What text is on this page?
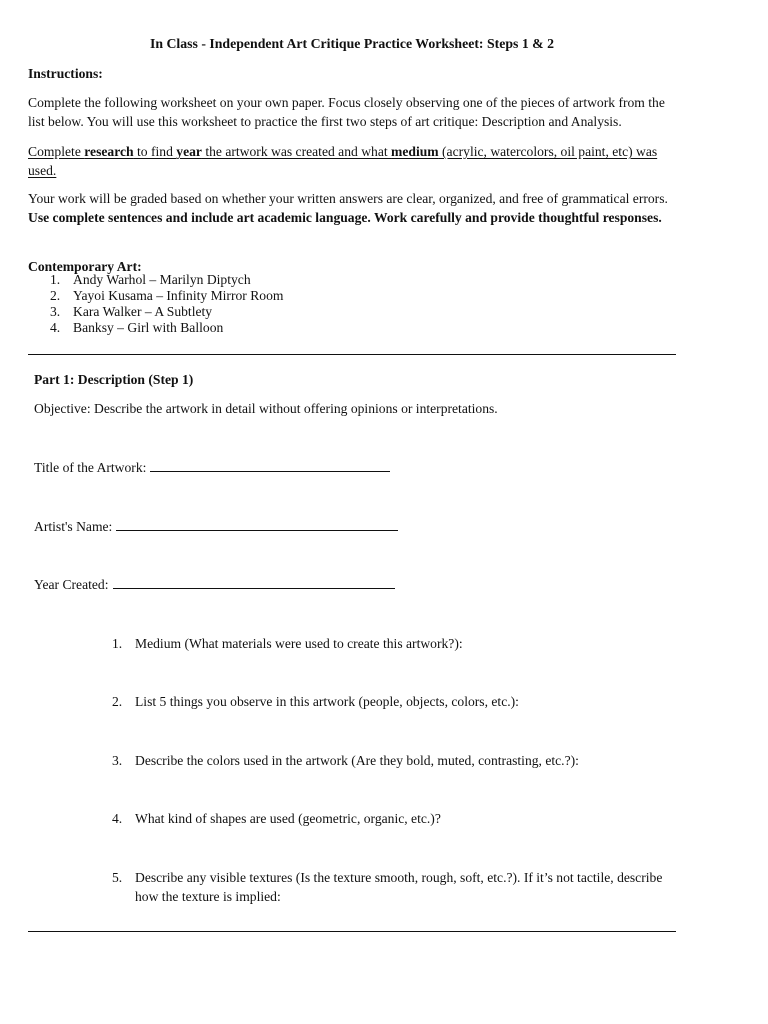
In Class - Independent Art Critique Practice Worksheet: Steps 1 & 2
Instructions:
Complete the following worksheet on your own paper. Focus closely observing one of the pieces of artwork from the list below. You will use this worksheet to practice the first two steps of art critique: Description and Analysis.
Complete research to find year the artwork was created and what medium (acrylic, watercolors, oil paint, etc) was used.
Your work will be graded based on whether your written answers are clear, organized, and free of grammatical errors. Use complete sentences and include art academic language. Work carefully and provide thoughtful responses.
Contemporary Art:
1. Andy Warhol – Marilyn Diptych
2. Yayoi Kusama – Infinity Mirror Room
3. Kara Walker – A Subtlety
4. Banksy – Girl with Balloon
Part 1: Description (Step 1)
Objective: Describe the artwork in detail without offering opinions or interpretations.
Title of the Artwork:
Artist's Name:
Year Created:
1. Medium (What materials were used to create this artwork?):
2. List 5 things you observe in this artwork (people, objects, colors, etc.):
3. Describe the colors used in the artwork (Are they bold, muted, contrasting, etc.?):
4. What kind of shapes are used (geometric, organic, etc.)?
5. Describe any visible textures (Is the texture smooth, rough, soft, etc.?). If it’s not tactile, describe how the texture is implied:
